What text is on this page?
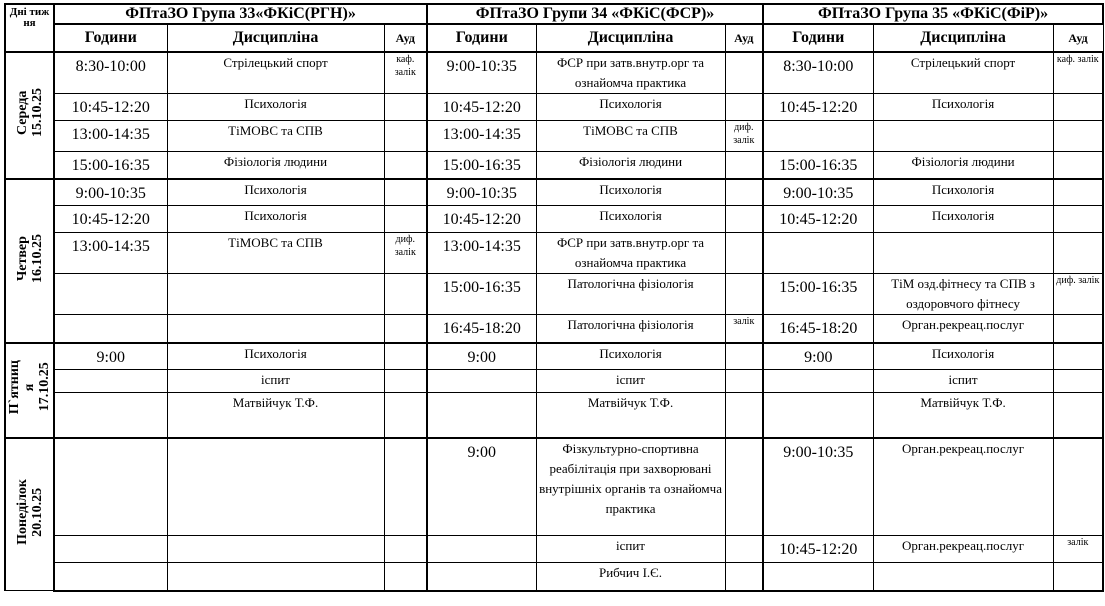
Дні тиж ня	ФПтаЗО Група 33«ФКіС(РГН)»			ФПтаЗО Групи 34 «ФКіС(ФСР)»			ФПтаЗО Група 35 «ФКіС(ФіР)»		
	Години	Дисципліна	Ауд	Години	Дисципліна	Ауд	Години	Дисципліна	Ауд
Середа
15.10.25	8:30-10:00	Стрілецький спорт	каф. залік	9:00-10:35	ФСР при затв.внутр.орг та ознайомча практика		8:30-10:00	Стрілецький спорт	каф. залік
	10:45-12:20	Психологія		10:45-12:20	Психологія		10:45-12:20	Психологія	
	13:00-14:35	ТіМОВС та СПВ		13:00-14:35	ТіМОВС та СПВ	диф. залік			
	15:00-16:35	Фізіологія людини		15:00-16:35	Фізіологія людини		15:00-16:35	Фізіологія людини	
Четвер
16.10.25	9:00-10:35	Психологія		9:00-10:35	Психологія		9:00-10:35	Психологія	
	10:45-12:20	Психологія		10:45-12:20	Психологія		10:45-12:20	Психологія	
	13:00-14:35	ТіМОВС та СПВ	диф. залік	13:00-14:35	ФСР при затв.внутр.орг та ознайомча практика				
				15:00-16:35	Патологічна фізіологія		15:00-16:35	ТіМ озд.фітнесу та СПВ з оздоровчого фітнесу	диф. залік
				16:45-18:20	Патологічна фізіологія	залік	16:45-18:20	Орган.рекреац.послуг	
П`ятниц
я
17.10.25	9:00	Психологія		9:00	Психологія		9:00	Психологія	
		іспит			іспит			іспит	
		Матвійчук Т.Ф.			Матвійчук Т.Ф.			Матвійчук Т.Ф.	
Понеділок
20.10.25				9:00	Фізкультурно-спортивна реабілітація при захворювані внутрішніх органів та ознайомча практика		9:00-10:35	Орган.рекреац.послуг	
					іспит		10:45-12:20	Орган.рекреац.послуг	залік
					Рибчич І.Є.				
